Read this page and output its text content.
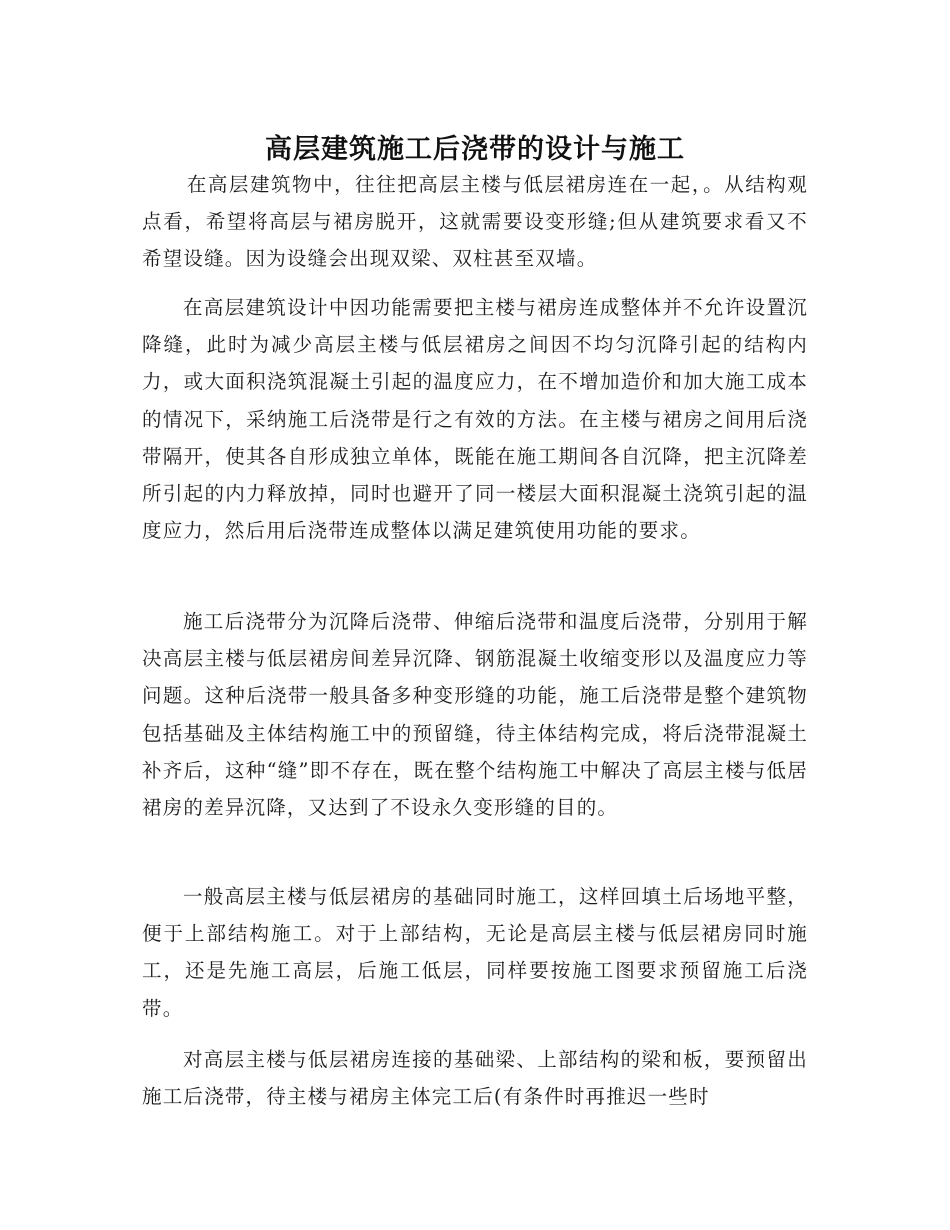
高层建筑施工后浇带的设计与施工

在高层建筑物中，往往把高层主楼与低层裙房连在一起，。从结构观点看，希望将高层与裙房脱开，这就需要设变形缝;但从建筑要求看又不希望设缝。因为设缝会出现双梁、双柱甚至双墙。

在高层建筑设计中因功能需要把主楼与裙房连成整体并不允许设置沉降缝，此时为减少高层主楼与低层裙房之间因不均匀沉降引起的结构内力，或大面积浇筑混凝土引起的温度应力，在不增加造价和加大施工成本的情况下，采纳施工后浇带是行之有效的方法。在主楼与裙房之间用后浇带隔开，使其各自形成独立单体，既能在施工期间各自沉降，把主沉降差所引起的内力释放掉，同时也避开了同一楼层大面积混凝土浇筑引起的温度应力，然后用后浇带连成整体以满足建筑使用功能的要求。

施工后浇带分为沉降后浇带、伸缩后浇带和温度后浇带，分别用于解决高层主楼与低层裙房间差异沉降、钢筋混凝土收缩变形以及温度应力等问题。这种后浇带一般具备多种变形缝的功能，施工后浇带是整个建筑物包括基础及主体结构施工中的预留缝，待主体结构完成，将后浇带混凝土补齐后，这种“缝”即不存在，既在整个结构施工中解决了高层主楼与低居裙房的差异沉降，又达到了不设永久变形缝的目的。

一般高层主楼与低层裙房的基础同时施工，这样回填土后场地平整，便于上部结构施工。对于上部结构，无论是高层主楼与低层裙房同时施工，还是先施工高层，后施工低层，同样要按施工图要求预留施工后浇带。

对高层主楼与低层裙房连接的基础梁、上部结构的梁和板，要预留出施工后浇带，待主楼与裙房主体完工后(有条件时再推迟一些时
